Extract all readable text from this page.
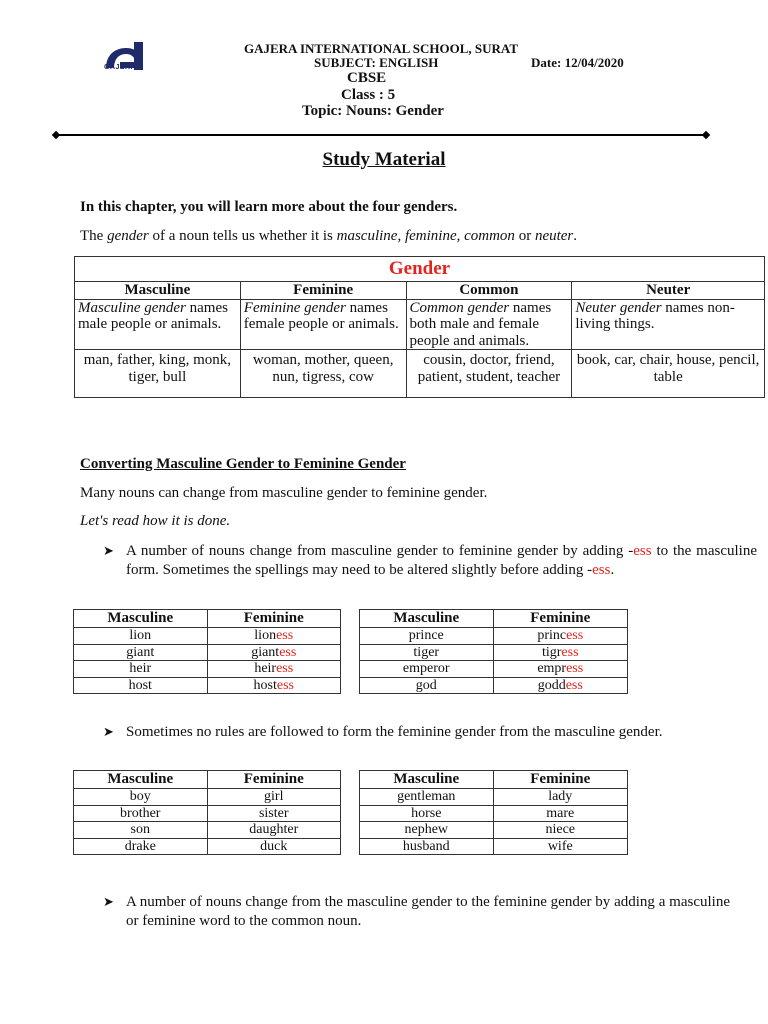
GAJERA
GAJERA INTERNATIONAL SCHOOL, SURAT
SUBJECT: ENGLISH	Date: 12/04/2020
CBSE
Class : 5
Topic: Nouns: Gender
Study Material
In this chapter, you will learn more about the four genders.
The gender of a noun tells us whether it is masculine, feminine, common or neuter.
Gender			
Masculine	Feminine	Common	Neuter
Masculine gender names male people or animals.	Feminine gender names female people or animals.	Common gender names both male and female people and animals.	Neuter gender names non- living things.
man, father, king, monk, tiger, bull	woman, mother, queen, nun, tigress, cow	cousin, doctor, friend, patient, student, teacher	book, car, chair, house, pencil, table
Converting Masculine Gender to Feminine Gender
Many nouns can change from masculine gender to feminine gender.
Let's read how it is done.
➤ A number of nouns change from masculine gender to feminine gender by adding -ess to the masculine form. Sometimes the spellings may need to be altered slightly before adding -ess.
Masculine	Feminine
lion	lioness
giant	giantess
heir	heiress
host	hostess
Masculine	Feminine
prince	princess
tiger	tigress
emperor	empress
god	goddess
➤ Sometimes no rules are followed to form the feminine gender from the masculine gender.
Masculine	Feminine
boy	girl
brother	sister
son	daughter
drake	duck
Masculine	Feminine
gentleman	lady
horse	mare
nephew	niece
husband	wife
➤ A number of nouns change from the masculine gender to the feminine gender by adding a masculine or feminine word to the common noun.
